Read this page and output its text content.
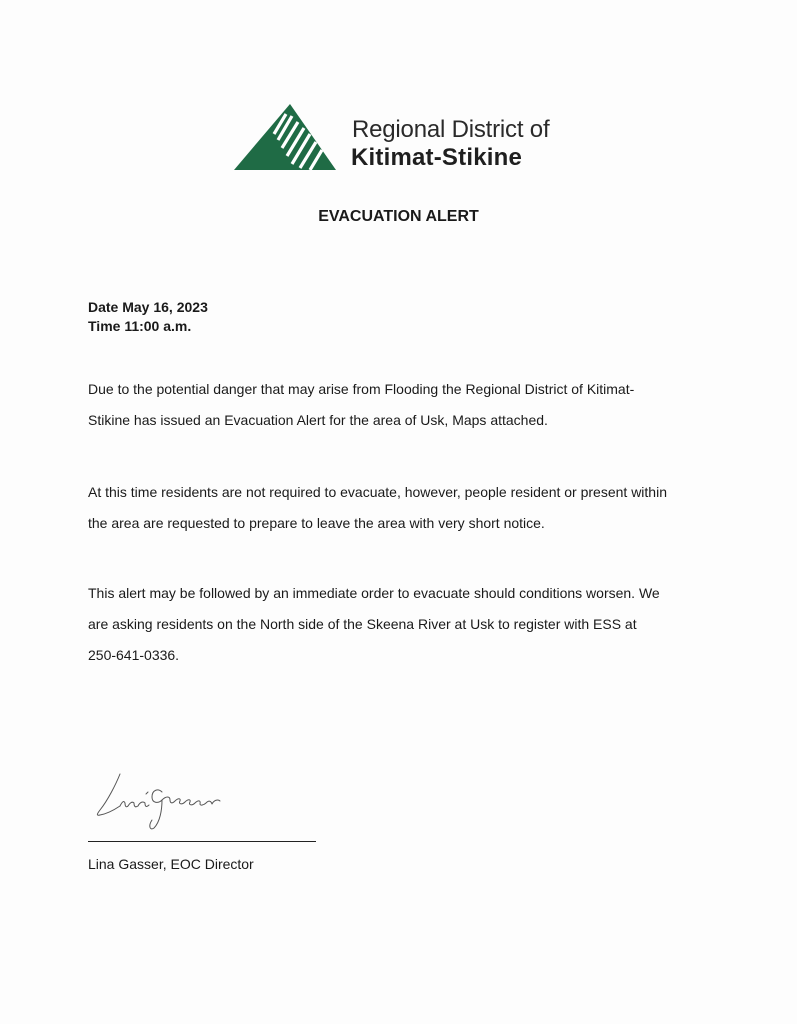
Regional District of
Kitimat-Stikine
EVACUATION ALERT
Date May 16, 2023
Time 11:00 a.m.

Due to the potential danger that may arise from Flooding the Regional District of Kitimat-
Stikine has issued an Evacuation Alert for the area of Usk, Maps attached.

At this time residents are not required to evacuate, however, people resident or present within
the area are requested to prepare to leave the area with very short notice.

This alert may be followed by an immediate order to evacuate should conditions worsen. We
are asking residents on the North side of the Skeena River at Usk to register with ESS at
250-641-0336.

Lina Gasser, EOC Director
